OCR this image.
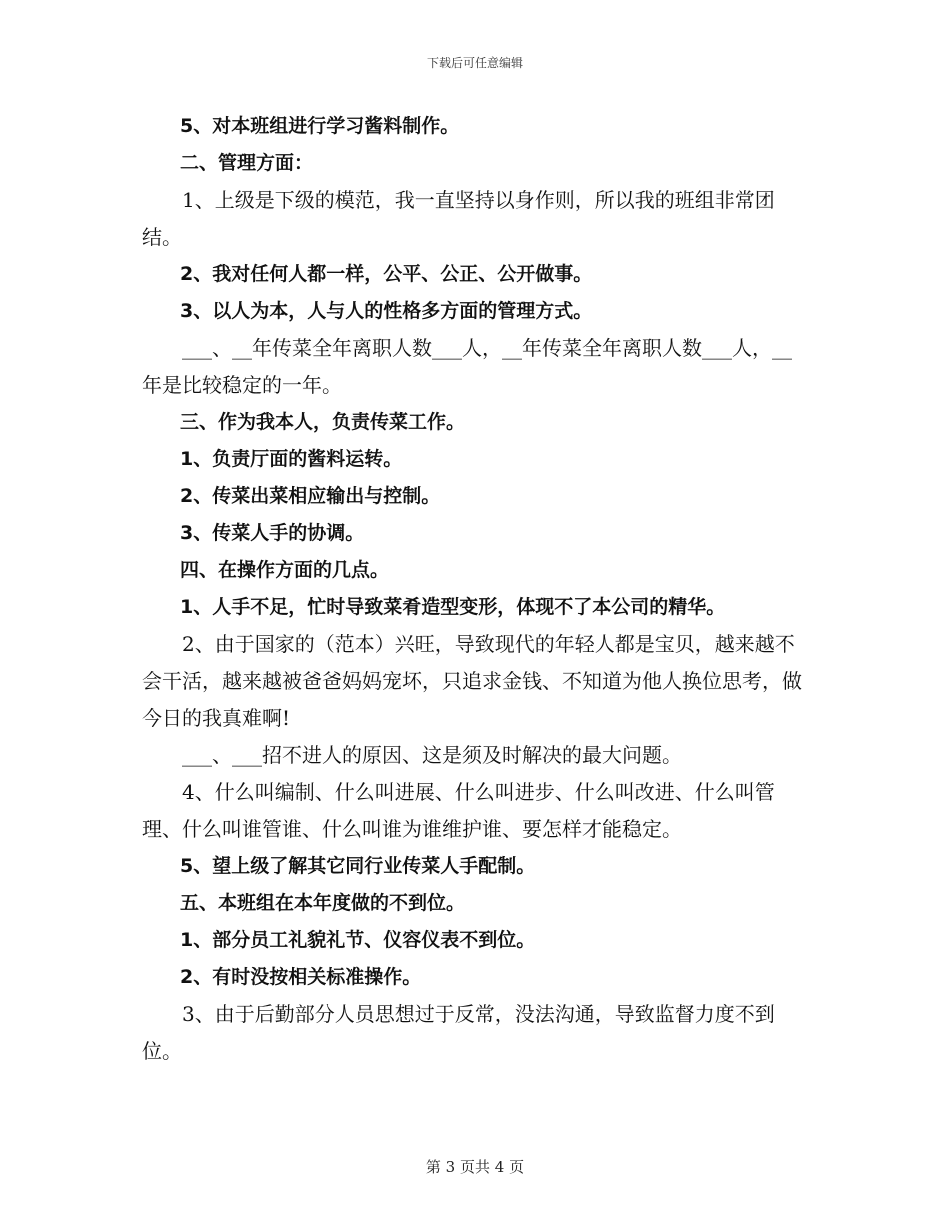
下载后可任意编辑

5、对本班组进行学习酱料制作。

二、管理方面：

1、上级是下级的模范，我一直坚持以身作则，所以我的班组非常团结。

2、我对任何人都一样，公平、公正、公开做事。

3、以人为本，人与人的性格多方面的管理方式。

___、__年传菜全年离职人数___人，__年传菜全年离职人数___人，__年是比较稳定的一年。

三、作为我本人，负责传菜工作。

1、负责厅面的酱料运转。

2、传菜出菜相应输出与控制。

3、传菜人手的协调。

四、在操作方面的几点。

1、人手不足，忙时导致菜肴造型变形，体现不了本公司的精华。

2、由于国家的（范本）兴旺，导致现代的年轻人都是宝贝，越来越不会干活，越来越被爸爸妈妈宠坏，只追求金钱、不知道为他人换位思考，做今日的我真难啊!

___、___招不进人的原因、这是须及时解决的最大问题。

4、什么叫编制、什么叫进展、什么叫进步、什么叫改进、什么叫管理、什么叫谁管谁、什么叫谁为谁维护谁、要怎样才能稳定。

5、望上级了解其它同行业传菜人手配制。

五、本班组在本年度做的不到位。

1、部分员工礼貌礼节、仪容仪表不到位。

2、有时没按相关标准操作。

3、由于后勤部分人员思想过于反常，没法沟通，导致监督力度不到位。

第 3 页共 4 页
